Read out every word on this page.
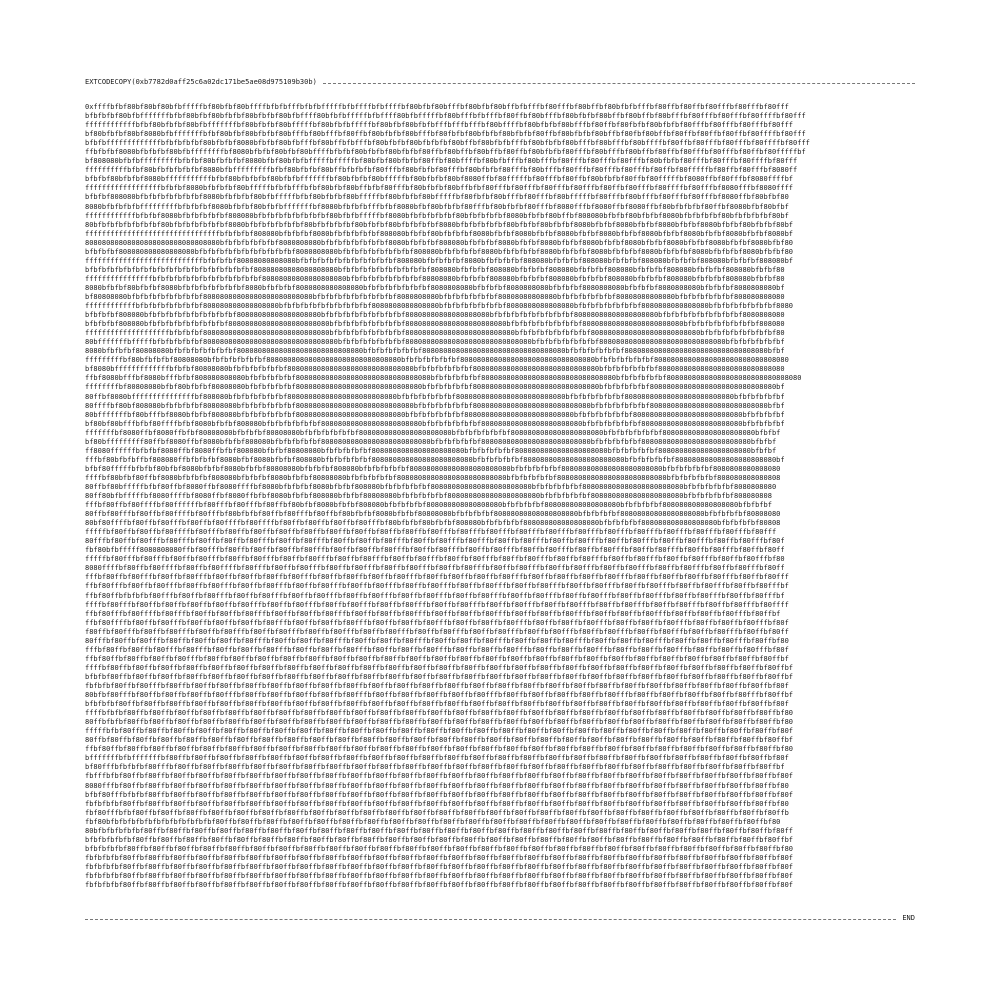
EXTCODECOPY(0xb7782d0aff25c6a02dc171be5ae08d975109b30b)
0xffffbfbf80bf80bf80bfbfffffbf80bfbf80bffffbfbfbfffbfbfbfffffbfbffffbfbffffbf80bfbf80bfffbf80bfbf80bffbfbfffbf80fffbf80bffbf80bfbfbfffbf80ffbf80ffbf80fffbf80fffbf80fff
bfbfbfbf80bfbfffffffbfbf80bfbf80bfbfbf80bfbfbf80bfbffff80bfbfbfffffbfbffff80bfbfffffbf80bfffbfbfffbf80ffbf80bfffbf80bfbfbf80bffbf80bffbf80bfffbf80fffbf80fffbf80ffffbf80fff
ffffffffffffbfbf80bfbfbf80bfbfffffffbf80bfbfbf80bfffffbf80bfbfbfffffbf80bfbf80bfbfbfffbfffbfffbf80bffffbf80bfbfbf80bfffbf80ffbf80fbfbf80bfbfbf80fffbf80fffbf80fffbf80fff
bf80bfbfbf80bf8080bfbfffffffbfbf80bfbf80bfbfbf80bfffbf80bfffbf80ffbf80bfbfbf80bfffbf80fbfbf80bfbfbf80bfbfbf80ffbf80bfbfbf80bffbf80fbf80bffbf80ffbf80ffbf80ffbf80ffffbf80fff
bfbfbfffffffffffffbfbfbfbfbf80bfbfbf8080bfbfbf80bfbfffbf80bffbfbfffbf80bfbfbf80bfbfbfbf80bffbf80bfbfbfffbf80bfbfbf80bfffbf80bfffbf80bffffbf80ffbf80fffbf80fffbf80ffffbf80fff
ffbfbfbf8080bfbfbfbf80bfbffffffffbf8080bfbfbf80bfbf80bffffbfbfbf80bfbfbf80bfbfbf80ffbf80bffbf80bffbf80ffbf80bfbfbf80fffbf80bfffbf80bffbf80ffbf80fffbf80fffbf80ffbf80fffffbf
bf808080bfbfbfffffffffbfbfbf80bfbfbfbf8080bfbf80bfbfbfffffbfffffbf80bfbf80bfbfbf80ffbf80bffffbf80bfbfffbf80bfffbf80fffbf80fffbf80fffbf80bfbfbf80fffbf80fffbf80ffffbf80fff
ffffffffffbfbf80bfbfbfbfbfbf8080bfbfffffffffbfbf80bfbfbf80bffbfbfbfbf80fffbf80bfbfbf80fffbf80bfbfbf80fffbf80bfffbf80fffbf80fffbf80fffbf80ffbf80fffffbf80ffbf80fffbf8080ff
bfbfbf80bfbfbf8080bfffffffffffbfbf80bfbfbfbf80bfbfbfffffffbf80bfbfbf80bfffffbf80bfbfbf80bf8080ffbf80fffffbf80fffbf80ffbf80bfbfbf80ffbf80fffffbf8080ffbf80fffbf8080ffffbf
ffffffffffffffffffbfbfbf8080bfbfbfbf80bfffffbfbfbfffbfbf80bfbf80bffbfbf80fffbf80bfbfbf80bffbfbf80fffbf80fffbf80fffbf80fffbf80ffbf80fffbf80ffffbf80fffbf8080fffbf8080ffff
bfbfbf808080bfbfbfbfbfbfbfbf8080bfbfbfbf80bfbfffffbfbf80bfbfbf80bfffffbf80bfbfbf80bfffffbf80fbfbf80bfffbf80fffbf80bfffffbf80fffbf80bfffbf80fffbf80fffbf8080ffbf80bfbf80
8080bfbfbfbfbfffffffffbfbfbfbf8080bfbfbf80bfbfbfffffffbf8080bfbfbfbfffbfbf8080bfbf80bfbfbf80fffbf80bfbfbf80fffbf8080fffbf8080ffbf8080ffbf80bfbfbfbf80ffbf8080bfbf80bfbf
ffffffffffffbfbfbf8080bfbfbfbfbfbf808080bfbfbfbfbfbfbfbfbf80bfbfbfffffbf8080bfbfbfbfbfbf80bfbfbfbfbf8080bfbfbf80bffbf808080bfbfbf80bfbfbf8080bfbfbfbfbf80bfbfbfbfbf80bf
80bfbfbfbfbfbfbfbf80bfbfbfbfbfbfbf8080bfbfbfbfbfbfbf80bfbfbfbfbf80bfbfbf80bfbfbfbfbf8080bfbfbfbfbfbf80bfbfbf80bfbfbf8080bfbfbf8080bfbfbf8080bfbfbf8080bfbfbf80bfbfbf80bf
ffffffffffffffffffffffffffffffffbfbfbfbf808080bfbfbfbf8080bfbfbfbfbfbf808080bfbfbf80bfbfbfbf8080bfbfbf8080bfbfbf8080bfbfbf8080bfbfbf8080bfbfbf8080bfbfbf8080bfbfbf8080bf
80808080808080808080808080808080bfbfbfbfbfbfbf8080808080bfbfbfbfbfbfbfbf8080bfbfbfbf808080bfbfbfbf8080bfbfbf8080bfbfbf8080bfbfbf8080bfbfbf8080bfbfbf8080bfbfbf8080bfbf80
bfbfbfbf808080808080808080bfbfbfbfbfbfbfbfbfbfbfbf8080808080bfbfbfbfbfbfbfbfbf808080bfbfbfbfbf8080bfbfbfbfbf8080bfbfbfbf8080bfbfbfbf8080bfbfbfbf8080bfbfbfbf8080bfbfbf80
ffffffffffffffffffffffffffffbfbfbfbf80808080808080bfbfbfbfbfbfbfbfbfbfbfbf808080bfbfbfbfbf8080bfbfbfbfbf808080bfbfbfbf808080bfbfbfbf808080bfbfbfbf808080bfbfbfbf808080bf
bfbfbfbfbfbfbfbfbfbfbfbfbfbfbfbfbfbfbfbf80808080808080808080bfbfbfbfbfbfbfbfbfbfbf808080bfbfbfbf808080bfbfbfbf808080bfbfbfbf808080bfbfbfbf808080bfbfbfbf808080bfbfbf80
ffffffffffffffffbfbfbfbfbfbfbfbfbfbfbfbfbf80808080808080808080bfbfbfbfbfbfbfbfbf80808080bfbfbfbf808080bfbfbfbf808080bfbfbfbf808080bfbfbfbf808080bfbfbfbf808080bfbfbf80
8080bfbfbf80bfbfbf8080bfbfbfbfbfbfbfbf8080bfbfbfbf8080808080808080bfbfbfbfbfbfbfbf8080808080bfbfbfbf8080808080bfbfbfbf8080808080bfbfbfbf8080808080bfbfbfbf8080808080bf
bf80808080bfbfbfbfbfbfbfbfbf80808080808080808080808080bfbfbfbfbfbfbfbfbfbf8080808080bfbfbfbfbfbfbf80808080808080bfbfbfbfbfbfbf80808080808080bfbfbfbfbfbfbf808080808080
ffffffffffffbfbfbfbfbfbfbfbf808080808080808080bfbfbfbfbfbfbfbfbfbfbf8080808080808080bfbfbfbfbfbfbfbf8080808080808080bfbfbfbfbfbfbfbf8080808080808080bfbfbfbfbfbfbfbf8080
bfbfbfbf808080bfbfbfbfbfbfbfbfbfbfbf80808080808080808080bfbfbfbfbfbfbfbfbfbf80808080808080808080bfbfbfbfbfbfbfbfbfbf80808080808080808080bfbfbfbfbfbfbfbfbfbf8080808080
bfbfbfbf808080bfbfbfbfbfbfbfbfbfbf808080808080808080808080bfbfbfbfbfbfbfbfbf808080808080808080808080bfbfbfbfbfbfbfbfbf808080808080808080808080bfbfbfbfbfbfbfbfbf808080
ffffffffffffffffffffbfbfbfbf808080808080808080808080808080bfbfbfbfbfbfbfbfbf80808080808080808080808080bfbfbfbfbfbfbfbfbf80808080808080808080808080bfbfbfbfbfbfbfbfbf80
80bfffffffbfffffbfbfbfbfbfbf80808080808080808080808080808080bfbfbfbfbfbfbfbf808080808080808080808080808080bfbfbfbfbfbfbfbf808080808080808080808080808080bfbfbfbfbfbfbf
8080bfbfbfbf80808080bfbfbfbfbfbfbfbf808080808080808080808080808080bfbfbfbfbfbfbf8080808080808080808080808080808080bfbfbfbfbfbfbf8080808080808080808080808080808080bfbf
fffffffffbf80bfbfbfbf80808080bfbfbfbfbfbfbf80808080808080808080808080808080bfbfbfbfbfbfbf80808080808080808080808080808080bfbfbfbfbfbfbf80808080808080808080808080808080
bf8080bfffffffffffffbfbfbf80808080bfbfbfbfbfbfbf808080808080808080808080808080bfbfbfbfbfbfbf808080808080808080808080808080bfbfbfbfbfbfbf808080808080808080808080808080
ffbf8080bfffbf8080bfffbfbf808080808080bfbfbfbfbfbf80808080808080808080808080808080bfbfbfbfbfbf80808080808080808080808080808080bfbfbfbfbfbf80808080808080808080808080808080
ffffffffbf80808080bfbf80bfbfbf80808080bfbfbfbfbfbf808080808080808080808080808080bfbfbfbfbfbf808080808080808080808080808080bfbfbfbfbfbf808080808080808080808080808080bf
80ffbf8080bfffffffffffffffbf808080bfbfbfbfbfbfbf80808080808080808080808080bfbfbfbfbfbfbf80808080808080808080808080bfbfbfbfbfbfbf80808080808080808080808080bfbfbfbfbfbf
80ffffbf80bf808080bfbfbfbfbf80808080bfbfbfbfbfbfbf8080808080808080808080808080bfbfbfbfbfbfbf8080808080808080808080808080bfbfbfbfbfbfbf8080808080808080808080808080bfbf
80bfffffffbf80bfffbf8080bfbfbf808080bfbfbfbfbfbfbf80808080808080808080808080bfbfbfbfbfbfbf80808080808080808080808080bfbfbfbfbfbfbf80808080808080808080808080bfbfbfbfbf
bf80bf80bfffbfbf80ffffbfbf8080bfbfbf808080bfbfbfbfbfbfbf808080808080808080808080bfbfbfbfbfbfbf808080808080808080808080bfbfbfbfbfbfbf808080808080808080808080bfbfbfbfbf
fffffffbf8080ffbf8080ffbfbf80808080bfbfbfbf80808080bfbfbfbfbfbfbf8080808080808080808080bfbfbfbfbfbfbf8080808080808080808080bfbfbfbfbfbfbf8080808080808080808080bfbfbf
bf80bfffffffff80ffbf8080ffbf8080bfbfbf808080bfbfbfbfbfbf80808080808080808080808080bfbfbfbfbfbf80808080808080808080808080bfbfbfbfbfbf80808080808080808080808080bfbfbf
ff8080ffffffbfbfbf8080ffbf8080ffbfbf808080bfbfbf80808080bfbfbfbfbfbf8080808080808080808080bfbfbfbfbfbf8080808080808080808080bfbfbfbfbfbf8080808080808080808080bfbfbf
fffbf80bfbfbffbf808080ffbfbfbfbf8080bfbf8080bfbfbf808080bfbfbfbfbfbf808080808080808080808080bfbfbfbfbfbf808080808080808080808080bfbfbfbfbfbf808080808080808080808080bf
bfbf80fffffbfbfbf80bfbf8080bfbfbf8080bfbfbf80808080bfbfbfbf808080bfbfbfbfbfbf808080808080808080808080bfbfbfbfbfbf808080808080808080808080bfbfbfbfbfbf8080808080808080
ffffbf80bfbf80ffbf8080bfbfbfbf808080bfbfbfbf8080bfbfbf80808080bfbfbfbfbfbf80808080808080808080808080bfbfbfbfbfbf80808080808080808080808080bfbfbfbfbfbf808080808080808
80ffbf80bfffffbfbf80ffbf8080ffbf8080ffffbf8080bfbfbfbf8080bfbfbf808080bfbfbfbfbfbf808080808080808080808080bfbfbfbfbfbf808080808080808080808080bfbfbfbfbfbf8080808080
80ff80bfbfffffbf8080ffffbf8080ffbf8080ffbfbf8080bfbfbf808080bfbfbf80808080bfbfbfbfbfbf8080808080808080808080bfbfbfbfbfbf8080808080808080808080bfbfbfbfbfbf808080808
fffbf80ffbf80ffffbf80ffffffbf80fffbf80fffbf80ffbf80bfbf8080bfbfbf808080bfbfbfbfbf808080808080808080bfbfbfbfbf808080808080808080bfbfbfbfbf808080808080808080bfbfbfbf
80ffbf80fffbf80ffbf80ffffbf80fffbf80bfbfbf80ffbf80fffbf80ffbf80bfbfbf8080bfbfbf80808080bfbfbfbfbf80808080808080808080bfbfbfbfbf80808080808080808080bfbfbfbfbf80808080
80bf80ffffbf80ffbf80fffbf80ffbf80ffffbf80ffffbf80ffbf80ffbf80ffbf80fffbf80bfbfbf80bfbfbf808080bfbfbfbfbf808080808080808080bfbfbfbfbf808080808080808080bfbfbfbfbf80808
fffffbf80ffbf80ffbf80ffffbf80fffbf80ffbf80ffbf80ffbf80ffbf80ffbf80ffbf80ffbf80ffbf80fffbf80fffbf80fffbf80fffbf80fffbf80fffbf80fffbf80fffbf80fffbf80fffbf80fffbf80fff
80fffbf80ffbf80fffbf80fffbf80ffbf80ffbf80fffbf80ffbf80fffbf80ffbf80ffbf80fffbf80ffbf80fffbf80fffbf80ffbf80fffbf80ffbf80fffbf80ffbf80fffbf80ffbf80fffbf80ffbf80fffbf80f
fbf80bfbfffff8080808080ffbf80fffbf80ffbf80ffbf80ffbf80fffbf80ffbf80ffbf80fffbf80ffbf80fffbf80ffbf80fffbf80ffbf80fffbf80ffbf80fffbf80ffbf80fffbf80ffbf80fffbf80ffbf80ff
fffffbf80fffbf80fffbf80ffbf80fffbf80ffbf80fffbf80ffbf80fffbf80ffbf80fffbf80ffbf80fffbf80ffbf80fffbf80ffbf80fffbf80ffbf80fffbf80ffbf80fffbf80ffbf80fffbf80ffbf80fffbf80
8080ffffbf80ffbf80ffffbf80ffbf80ffffbf80fffbf80ffbf80fffbf80ffbf80fffbf80ffbf80fffbf80ffbf80fffbf80ffbf80fffbf80ffbf80fffbf80ffbf80fffbf80ffbf80fffbf80ffbf80fffbf80ff
fffbf80ffbf80fffbf80ffbf80fffbf80ffbf80ffbf80ffbf80fffbf80ffbf80ffbf80ffbf80fffbf80ffbf80ffbf80ffbf80fffbf80ffbf80ffbf80ffbf80fffbf80ffbf80ffbf80ffbf80fffbf80ffbf80fff
ffbf80fffbf80ffbf80fffbf80ffbf80fffbf80ffbf80fffbf80ffbf80fffbf80ffbf80fffbf80ffbf80fffbf80ffbf80fffbf80ffbf80fffbf80ffbf80fffbf80ffbf80fffbf80ffbf80fffbf80ffbf80fffbf
ffbf80ffbfbfbfbf80fffbf80ffbf80fffbf80ffbf80fffbf80ffbf80fffbf80ffbf80fffbf80ffbf80fffbf80ffbf80fffbf80ffbf80fffbf80ffbf80fffbf80ffbf80fffbf80ffbf80fffbf80ffbf80fffbf
ffffbf80fffbf80ffbf80ffbf80ffbf80ffbf80fffbf80ffbf80fffbf80ffbf80fffbf80ffbf80fffbf80ffbf80fffbf80ffbf80fffbf80ffbf80fffbf80ffbf80fffbf80ffbf80fffbf80ffbf80fffbf80ffff
ffbf80fffbf80ffffbf80fffbf80ffbf80ffbf80fffbf80ffbf80ffbf80fffbf80ffbf80ffbf80fffbf80ffbf80ffbf80fffbf80ffbf80ffbf80fffbf80ffbf80ffbf80fffbf80ffbf80ffbf80fffbf80ffbf
ffbf80ffffbf80ffbf80fffbf80ffbf80ffbf80ffbf80fffbf80ffbf80ffbf80fffbf80ffbf80ffbf80fffbf80ffbf80ffbf80fffbf80ffbf80ffbf80fffbf80ffbf80ffbf80fffbf80ffbf80ffbf80fffbf80f
f80ffbf80fffbf80ffbf80fffbf80ffbf80fffbf80ffbf80fffbf80ffbf80fffbf80ffbf80fffbf80ffbf80fffbf80ffbf80fffbf80ffbf80fffbf80ffbf80fffbf80ffbf80fffbf80ffbf80fffbf80ffbf80ff
80fffbf80ffbf80fffbf80ffbf80ffbf80ffbf80fffbf80ffbf80ffbf80fffbf80ffbf80ffbf80fffbf80ffbf80ffbf80fffbf80ffbf80ffbf80fffbf80ffbf80ffbf80fffbf80ffbf80ffbf80fffbf80ffbf80
fffbf80ffbf80ffbf80fffbf80fffbf80ffbf80ffbf80fffbf80ffbf80ffbf80fffbf80ffbf80ffbf80fffbf80ffbf80ffbf80fffbf80ffbf80ffbf80fffbf80ffbf80ffbf80fffbf80ffbf80ffbf80fffbf80f
ffbf80ffbf80ffbf80ffbf80fffbf80ffbf80ffbf80ffbf80ffbf80ffbf80ffbf80ffbf80ffbf80ffbf80ffbf80ffbf80ffbf80ffbf80ffbf80ffbf80ffbf80ffbf80ffbf80ffbf80ffbf80ffbf80ffbf80ffbf
ffffbf80ffbf80ffbf80ffbf80ffbf80ffbf80ffbf80ffbf80ffbf80ffbf80ffbf80ffbf80ffbf80ffbf80ffbf80ffbf80ffbf80ffbf80ffbf80ffbf80ffbf80ffbf80ffbf80ffbf80ffbf80ffbf80ffbf80ffbf
bfbfbf80ffbf80ffbf80ffbf80ffbf80ffbf80ffbf80ffbf80ffbf80ffbf80ffbf80ffbf80ffbf80ffbf80ffbf80ffbf80ffbf80ffbf80ffbf80ffbf80ffbf80ffbf80ffbf80ffbf80ffbf80ffbf80ffbf80ffbf
fbfbfbf80ffbf80fffbf80ffbf80ffbf80ffbf80ffbf80ffbf80ffbf80ffbf80ffbf80ffbf80ffbf80ffbf80ffbf80ffbf80ffbf80ffbf80ffbf80ffbf80ffbf80ffbf80ffbf80ffbf80ffbf80ffbf80ffbf80f
80bfbf80fffbf80ffbf80ffbf80ffbf80fffbf80ffbf80ffbf80ffbf80ffbf80fffbf80ffbf80ffbf80ffbf80ffbf80fffbf80ffbf80ffbf80ffbf80ffbf80fffbf80ffbf80ffbf80ffbf80ffbf80fffbf80ffbf
bfbfbfbf80ffbf80ffbf80ffbf80ffbf80ffbf80ffbf80ffbf80ffbf80ffbf80ffbf80ffbf80ffbf80ffbf80ffbf80ffbf80ffbf80ffbf80ffbf80ffbf80ffbf80ffbf80ffbf80ffbf80ffbf80ffbf80ffbf80f
ffffbfbfbf80ffbf80ffbf80ffbf80ffbf80ffbf80ffbf80ffbf80ffbf80ffbf80ffbf80ffbf80ffbf80ffbf80ffbf80ffbf80ffbf80ffbf80ffbf80ffbf80ffbf80ffbf80ffbf80ffbf80ffbf80ffbf80ffbf80
80ffbfbfbf80ffbf80ffbf80ffbf80ffbf80ffbf80ffbf80ffbf80ffbf80ffbf80ffbf80ffbf80ffbf80ffbf80ffbf80ffbf80ffbf80ffbf80ffbf80ffbf80ffbf80ffbf80ffbf80ffbf80ffbf80ffbf80ffbf80
fffffbfbf80ffbf80ffbf80ffbf80ffbf80ffbf80ffbf80ffbf80ffbf80ffbf80ffbf80ffbf80ffbf80ffbf80ffbf80ffbf80ffbf80ffbf80ffbf80ffbf80ffbf80ffbf80ffbf80ffbf80ffbf80ffbf80ffbf80f
80ffbf80ffbf80ffbf80ffbf80ffbf80ffbf80ffbf80ffbf80ffbf80ffbf80ffbf80ffbf80ffbf80ffbf80ffbf80ffbf80ffbf80ffbf80ffbf80ffbf80ffbf80ffbf80ffbf80ffbf80ffbf80ffbf80ffbf80ffbf
ffbf80ffbf80ffbf80ffbf80ffbf80ffbf80ffbf80ffbf80ffbf80ffbf80ffbf80ffbf80ffbf80ffbf80ffbf80ffbf80ffbf80ffbf80ffbf80ffbf80ffbf80ffbf80ffbf80ffbf80ffbf80ffbf80ffbf80ffbf80
bfffffffbfbfffffffbf80ffbf80ffbf80ffbf80ffbf80ffbf80ffbf80ffbf80ffbf80ffbf80ffbf80ffbf80ffbf80ffbf80ffbf80ffbf80ffbf80ffbf80ffbf80ffbf80ffbf80ffbf80ffbf80ffbf80ffbf80f
bf80fffbfbfbfbf80fffbf80ffbf80ffbf80ffbf80ffbf80ffbf80ffbf80ffbf80ffbf80ffbf80ffbf80ffbf80ffbf80ffbf80ffbf80ffbf80ffbf80ffbf80ffbf80ffbf80ffbf80ffbf80ffbf80ffbf80ffbf
fbfffbfbf80ffbf80ffbf80ffbf80ffbf80ffbf80ffbf80ffbf80ffbf80ffbf80ffbf80ffbf80ffbf80ffbf80ffbf80ffbf80ffbf80ffbf80ffbf80ffbf80ffbf80ffbf80ffbf80ffbf80ffbf80ffbf80ffbf80f
8080fffbf80ffbf80ffbf80ffbf80ffbf80ffbf80ffbf80ffbf80ffbf80ffbf80ffbf80ffbf80ffbf80ffbf80ffbf80ffbf80ffbf80ffbf80ffbf80ffbf80ffbf80ffbf80ffbf80ffbf80ffbf80ffbf80ffbf80
bfbf80fffbfbfbf80ffbf80ffbf80ffbf80ffbf80ffbf80ffbf80ffbf80ffbf80ffbf80ffbf80ffbf80ffbf80ffbf80ffbf80ffbf80ffbf80ffbf80ffbf80ffbf80ffbf80ffbf80ffbf80ffbf80ffbf80ffbf80f
fbfbfbfbf80ffbf80ffbf80ffbf80ffbf80ffbf80ffbf80ffbf80ffbf80ffbf80ffbf80ffbf80ffbf80ffbf80ffbf80ffbf80ffbf80ffbf80ffbf80ffbf80ffbf80ffbf80ffbf80ffbf80ffbf80ffbf80ffbf80
fbf80fffbfbf80ffbf80ffbf80ffbf80ffbf80ffbf80ffbf80ffbf80ffbf80ffbf80ffbf80ffbf80ffbf80ffbf80ffbf80ffbf80ffbf80ffbf80ffbf80ffbf80ffbf80ffbf80ffbf80ffbf80ffbf80ffbf80ffb
fbf80bfbfbfbfbfbfbfbfbfbfbfbfbf80ffbf80ffbf80ffbf80ffbf80ffbf80ffbf80ffbf80ffbf80ffbf80ffbf80ffbf80ffbf80ffbf80ffbf80ffbf80ffbf80ffbf80ffbf80ffbf80ffbf80ffbf80ffbf80
80bfbfbfbfbfbf80ffbf80ffbf80ffbf80ffbf80ffbf80ffbf80ffbf80ffbf80ffbf80ffbf80ffbf80ffbf80ffbf80ffbf80ffbf80ffbf80ffbf80ffbf80ffbf80ffbf80ffbf80ffbf80ffbf80ffbf80ffbf80ff
bfbfbfbfbfbf80ffbf80ffbf80ffbf80ffbf80ffbf80ffbf80ffbf80ffbf80ffbf80ffbf80ffbf80ffbf80ffbf80ffbf80ffbf80ffbf80ffbf80ffbf80ffbf80ffbf80ffbf80ffbf80ffbf80ffbf80ffbf80ffbf
bfbfbfbfbf80ffbf80ffbf80ffbf80ffbf80ffbf80ffbf80ffbf80ffbf80ffbf80ffbf80ffbf80ffbf80ffbf80ffbf80ffbf80ffbf80ffbf80ffbf80ffbf80ffbf80ffbf80ffbf80ffbf80ffbf80ffbf80ffbf80
fbfbfbfbf80ffbf80ffbf80ffbf80ffbf80ffbf80ffbf80ffbf80ffbf80ffbf80ffbf80ffbf80ffbf80ffbf80ffbf80ffbf80ffbf80ffbf80ffbf80ffbf80ffbf80ffbf80ffbf80ffbf80ffbf80ffbf80ffbf80f
fbfbfbfbf80ffbf80ffbf80ffbf80ffbf80ffbf80ffbf80ffbf80ffbf80ffbf80ffbf80ffbf80ffbf80ffbf80ffbf80ffbf80ffbf80ffbf80ffbf80ffbf80ffbf80ffbf80ffbf80ffbf80ffbf80ffbf80ffbf80f
fbfbfbfbf80ffbf80ffbf80ffbf80ffbf80ffbf80ffbf80ffbf80ffbf80ffbf80ffbf80ffbf80ffbf80ffbf80ffbf80ffbf80ffbf80ffbf80ffbf80ffbf80ffbf80ffbf80ffbf80ffbf80ffbf80ffbf80ffbf80f
fbfbfbfbf80ffbf80ffbf80ffbf80ffbf80ffbf80ffbf80ffbf80ffbf80ffbf80ffbf80ffbf80ffbf80ffbf80ffbf80ffbf80ffbf80ffbf80ffbf80ffbf80ffbf80ffbf80ffbf80ffbf80ffbf80ffbf80ffbf80f
END
